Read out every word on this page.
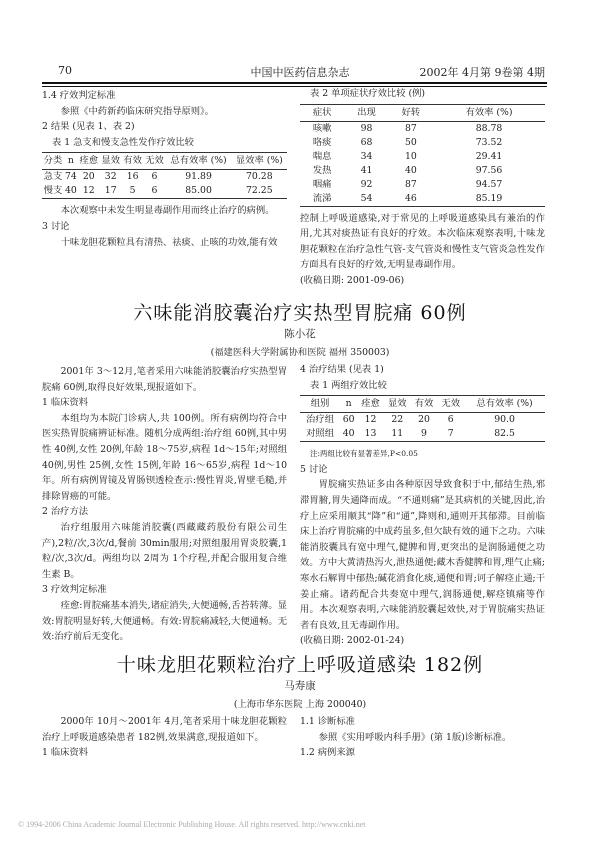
70	中国中医药信息杂志	2002年 4月第 9卷第 4期

1.4 疗效判定标准

参照《中药新药临床研究指导原则》。

2 结果 (见表 1、表 2)

表 1 急支和慢支急性发作疗效比较
分类	n	痊愈	显效	有效	无效	总有效率 (%)	显效率 (%)
急支	74	20	32	16	6	91.89	70.28
慢支	40	12	17	5	6	85.00	72.25

本次观察中未发生明显毒副作用而终止治疗的病例。

3 讨论

十味龙胆花颗粒具有清热、祛痰、止咳的功效,能有效

表 2 单项症状疗效比较 (例)
症状	出现	好转	有效率 (%)
咳嗽	98	87	88.78
咯痰	68	50	73.52
喘息	34	10	29.41
发热	41	40	97.56
咽痛	92	87	94.57
流涕	54	46	85.19

控制上呼吸道感染,对于常见的上呼吸道感染具有兼治的作用,尤其对痰热证有良好的疗效。本次临床观察表明,十味龙胆花颗粒在治疗急性气管-支气管炎和慢性支气管炎急性发作方面具有良好的疗效,无明显毒副作用。

(收稿日期: 2001-09-06)

六味能消胶囊治疗实热型胃脘痛 60例
陈小花
(福建医科大学附属协和医院 福州 350003)

2001年 3～12月,笔者采用六味能消胶囊治疗实热型胃脘痛 60例,取得良好效果,现报道如下。

1 临床资料

本组均为本院门诊病人,共 100例。所有病例均符合中医实热胃脘痛辨证标准。随机分成两组:治疗组 60例,其中男性 40例,女性 20例,年龄 18～75岁,病程 1d～15年;对照组 40例,男性 25例,女性 15例,年龄 16～65岁,病程 1d～10年。所有病例胃镜及胃肠钡透检查示:慢性胃炎,胃壁毛糙,并排除胃癌的可能。

2 治疗方法

治疗组服用六味能消胶囊(西藏藏药股份有限公司生产),2粒/次,3次/d,餐前 30min服用;对照组服用胃炎胶囊,1粒/次,3次/d。两组均以 2周为 1个疗程,并配合服用复合维生素 B。

3 疗效判定标准

痊愈:胃脘痛基本消失,诸症消失,大便通畅,舌苔转薄。显效:胃脘明显好转,大便通畅。有效:胃脘痛减轻,大便通畅。无效:治疗前后无变化。

4 治疗结果 (见表 1)

表 1 两组疗效比较
组别	n	痊愈	显效	有效	无效	总有效率 (%)
治疗组	60	12	22	20	6	90.0
对照组	40	13	11	9	7	82.5
注:两组比较有显著差异,P<0.05

5 讨论

胃脘痛实热证多由各种原因导致食积于中,郁结生热,邪滞胃腑,胃失通降而成。“不通则痛”是其病机的关键,因此,治疗上应采用顺其“降”和“通”,降则和,通则开其郁滞。目前临床上治疗胃脘痛的中成药虽多,但欠缺有效的通下之功。六味能消胶囊具有宽中理气,健脾和胃,更突出的是润肠通便之功效。方中大黄清热泻火,泄热通便;藏木香健脾和胃,理气止痛;寒水石解胃中郁热;碱花消食化痰,通便和胃;诃子解痉止通;干姜止痛。诸药配合共奏宽中理气,润肠通便,解痉镇痛等作用。本次观察表明,六味能消胶囊起效快,对于胃脘痛实热证者有良效,且无毒副作用。

(收稿日期: 2002-01-24)

十味龙胆花颗粒治疗上呼吸道感染 182例
马寿康
(上海市华东医院 上海 200040)

2000年 10月～2001年 4月,笔者采用十味龙胆花颗粒治疗上呼吸道感染患者 182例,效果满意,现报道如下。

1 临床资料

1.1 诊断标准

参照《实用呼吸内科手册》(第 1版)诊断标准。

1.2 病例来源

© 1994-2006 China Academic Journal Electronic Publishing House. All rights reserved. http://www.cnki.net
